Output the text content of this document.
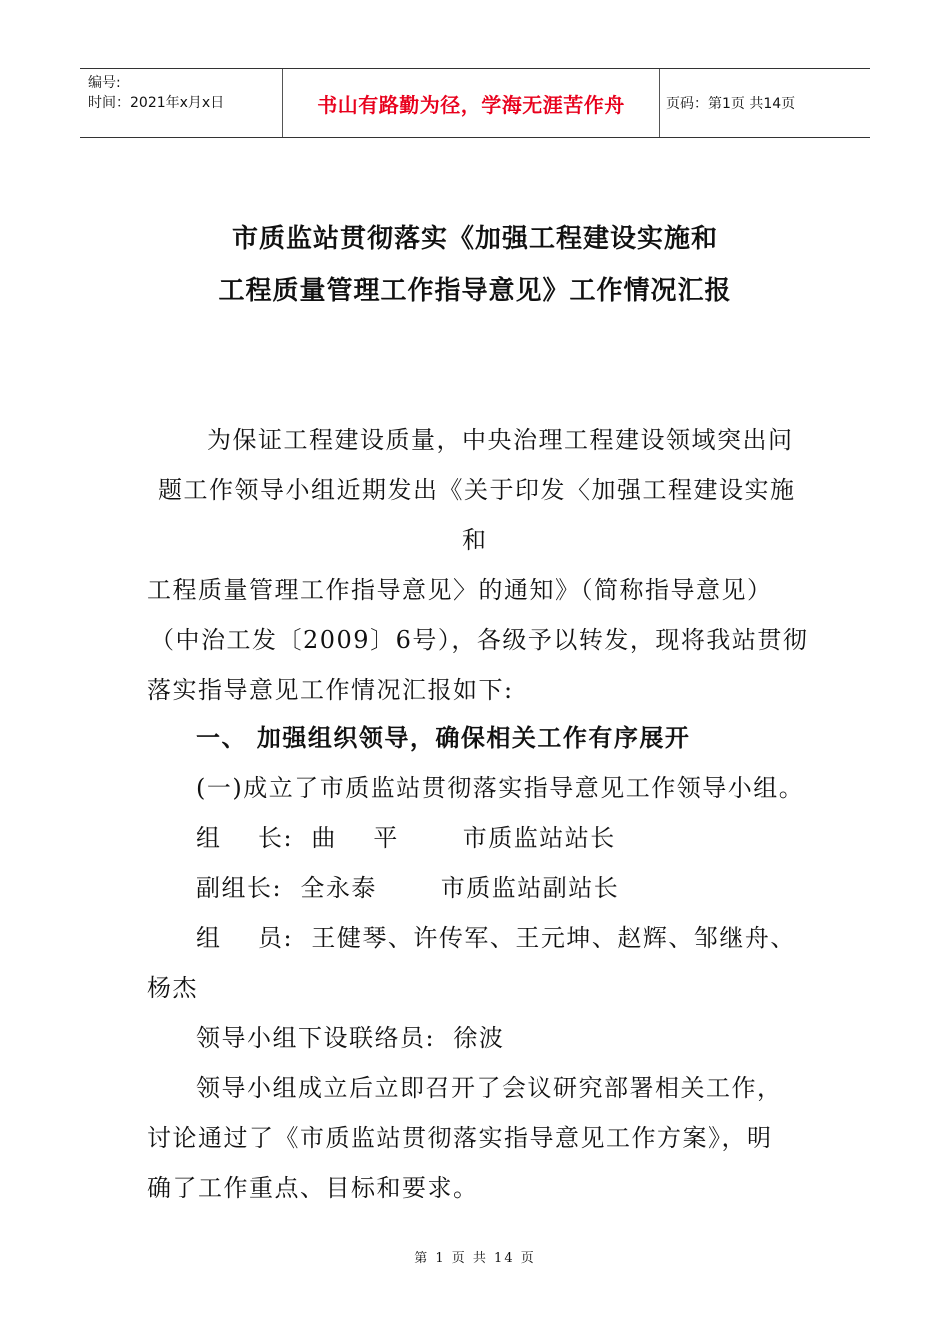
编号:
时间：2021年x月x日	书山有路勤为径，学海无涯苦作舟	页码：第1页 共14页
市质监站贯彻落实《加强工程建设实施和
工程质量管理工作指导意见》工作情况汇报

为保证工程建设质量，中央治理工程建设领域突出问

题工作领导小组近期发出《关于印发〈加强工程建设实施

和

工程质量管理工作指导意见〉的通知》（简称指导意见）

（中治工发〔2009〕6号），各级予以转发，现将我站贯彻

落实指导意见工作情况汇报如下:

一、 加强组织领导，确保相关工作有序展开

(一)成立了市质监站贯彻落实指导意见工作领导小组。

组    长:  曲    平       市质监站站长

副组长:  全永泰       市质监站副站长

组    员:  王健琴、许传军、王元坤、赵辉、邹继舟、

杨杰

领导小组下设联络员:  徐波

领导小组成立后立即召开了会议研究部署相关工作，

讨论通过了《市质监站贯彻落实指导意见工作方案》，明

确了工作重点、目标和要求。

第 1 页 共 14 页
